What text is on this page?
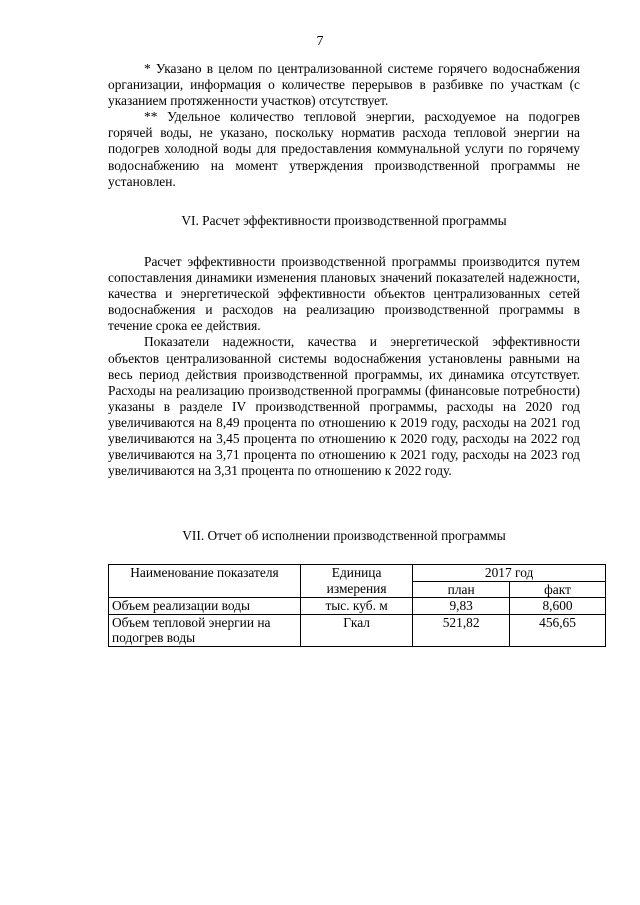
7

* Указано в целом по централизованной системе горячего водоснабжения организации, информация о количестве перерывов в разбивке по участкам (с указанием протяженности участков) отсутствует.

** Удельное количество тепловой энергии, расходуемое на подогрев горячей воды, не указано, поскольку норматив расхода тепловой энергии на подогрев холодной воды для предоставления коммунальной услуги по горячему водоснабжению на момент утверждения производственной программы не установлен.

VI. Расчет эффективности производственной программы

Расчет эффективности производственной программы производится путем сопоставления динамики изменения плановых значений показателей надежности, качества и энергетической эффективности объектов централизованных сетей водоснабжения и расходов на реализацию производственной программы в течение срока ее действия.

Показатели надежности, качества и энергетической эффективности объектов централизованной системы водоснабжения установлены равными на весь период действия производственной программы, их динамика отсутствует. Расходы на реализацию производственной программы (финансовые потребности) указаны в разделе IV производственной программы, расходы на 2020 год увеличиваются на 8,49 процента по отношению к 2019 году, расходы на 2021 год увеличиваются на 3,45 процента по отношению к 2020 году, расходы на 2022 год увеличиваются на 3,71 процента по отношению к 2021 году, расходы на 2023 год увеличиваются на 3,31 процента по отношению к 2022 году.

VII. Отчет об исполнении производственной программы
Наименование показателя	Единица измерения	2017 год	
		план	факт
Объем реализации воды	тыс. куб. м	9,83	8,600
Объем тепловой энергии на подогрев воды	Гкал	521,82	456,65
